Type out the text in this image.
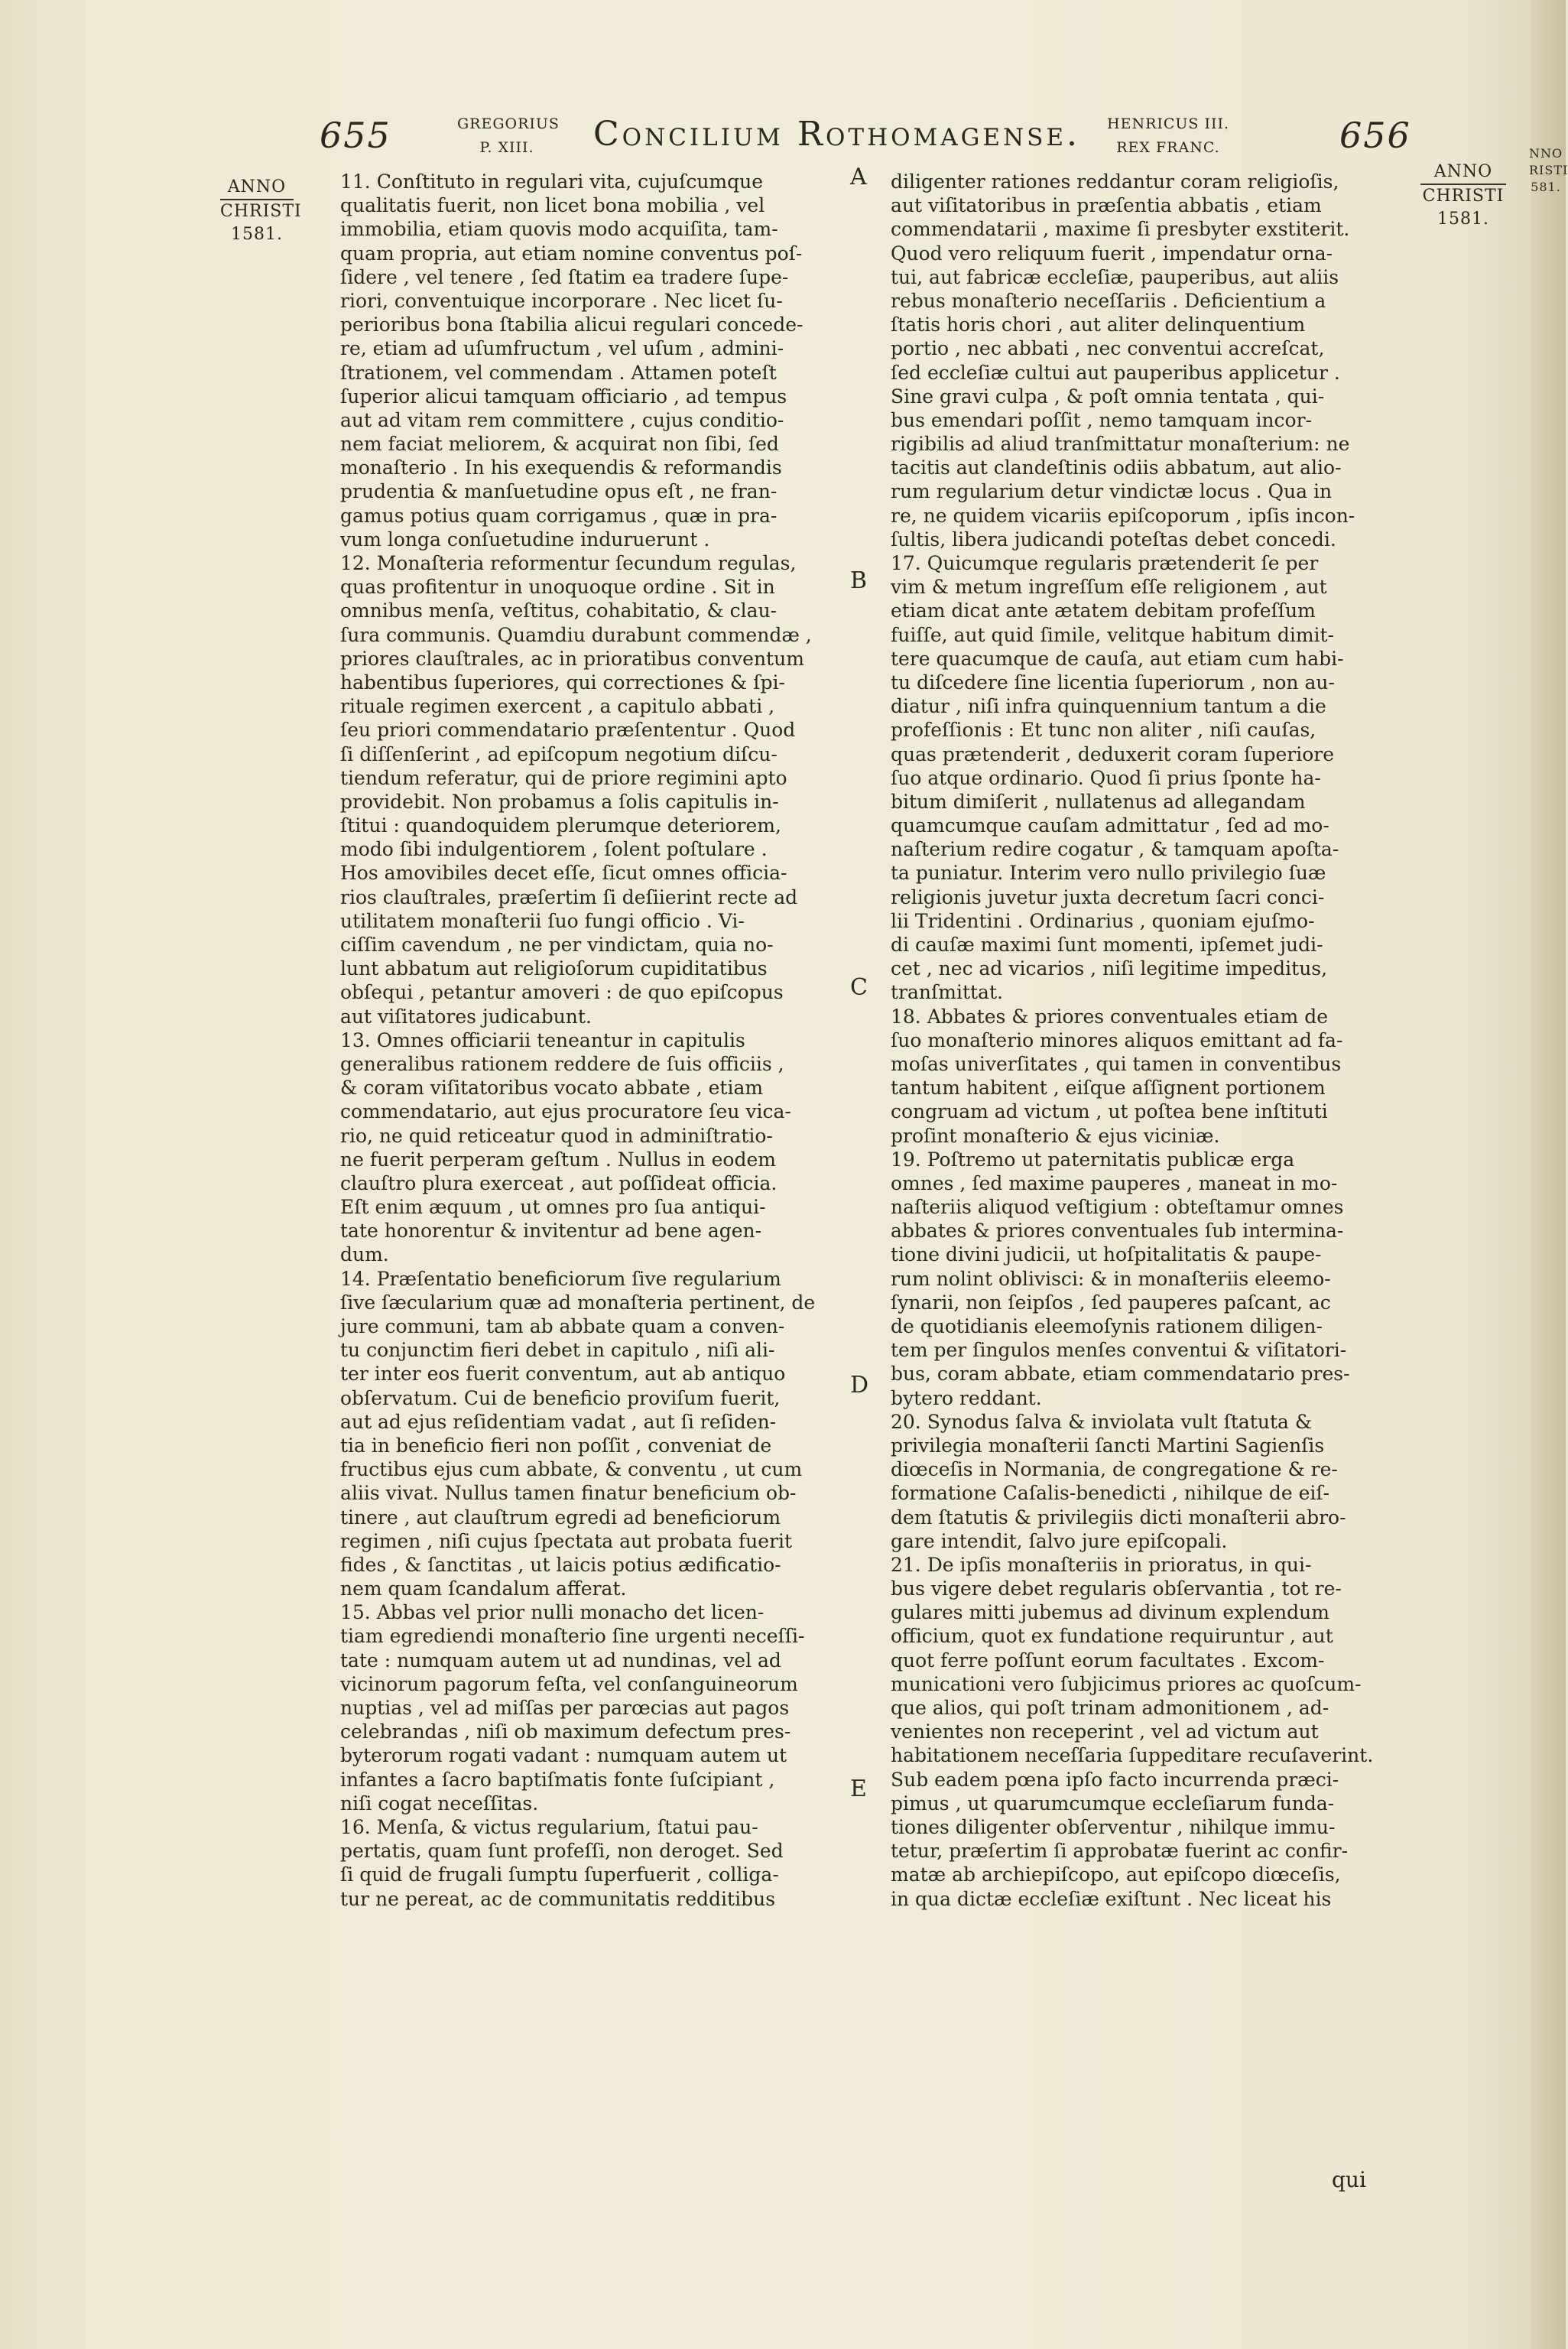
655	GREGORIUS
P. XIII.	Concilium Rothomagense. HENRICUS III.
REX FRANC.	656
ANNO
CHRISTI
1581.
ANNO
CHRISTI
1581.
NNO
RISTI
581.
A
B
C
D
E
11. Conſtituto in regulari vita, cujuſcumque
qualitatis fuerit, non licet bona mobilia , vel
immobilia, etiam quovis modo acquiſita, tam-
quam propria, aut etiam nomine conventus poſ-
ſidere , vel tenere , ſed ſtatim ea tradere ſupe-
riori, conventuique incorporare . Nec licet ſu-
perioribus bona ſtabilia alicui regulari concede-
re, etiam ad uſumfructum , vel uſum , admini-
ſtrationem, vel commendam . Attamen poteſt
ſuperior alicui tamquam officiario , ad tempus
aut ad vitam rem committere , cujus conditio-
nem faciat meliorem, & acquirat non ſibi, ſed
monaſterio . In his exequendis & reformandis
prudentia & manſuetudine opus eſt , ne fran-
gamus potius quam corrigamus , quæ in pra-
vum longa conſuetudine induruerunt .
12. Monaſteria reformentur ſecundum regulas,
quas profitentur in unoquoque ordine . Sit in
omnibus menſa, veſtitus, cohabitatio, & clau-
ſura communis. Quamdiu durabunt commendæ ,
priores clauſtrales, ac in prioratibus conventum
habentibus ſuperiores, qui correctiones & ſpi-
rituale regimen exercent , a capitulo abbati ,
ſeu priori commendatario præſententur . Quod
ſi diſſenſerint , ad epiſcopum negotium diſcu-
tiendum referatur, qui de priore regimini apto
providebit. Non probamus a ſolis capitulis in-
ſtitui : quandoquidem plerumque deteriorem,
modo ſibi indulgentiorem , ſolent poſtulare .
Hos amovibiles decet eſſe, ſicut omnes officia-
rios clauſtrales, præſertim ſi deſiierint recte ad
utilitatem monaſterii ſuo fungi officio . Vi-
ciſſim cavendum , ne per vindictam, quia no-
lunt abbatum aut religioſorum cupiditatibus
obſequi , petantur amoveri : de quo epiſcopus
aut viſitatores judicabunt.
13. Omnes officiarii teneantur in capitulis
generalibus rationem reddere de ſuis officiis ,
& coram viſitatoribus vocato abbate , etiam
commendatario, aut ejus procuratore ſeu vica-
rio, ne quid reticeatur quod in adminiſtratio-
ne fuerit perperam geſtum . Nullus in eodem
clauſtro plura exerceat , aut poſſideat officia.
Eſt enim æquum , ut omnes pro ſua antiqui-
tate honorentur & invitentur ad bene agen-
dum.
14. Præſentatio beneficiorum ſive regularium
ſive ſæcularium quæ ad monaſteria pertinent, de
jure communi, tam ab abbate quam a conven-
tu conjunctim fieri debet in capitulo , niſi ali-
ter inter eos fuerit conventum, aut ab antiquo
obſervatum. Cui de beneficio proviſum fuerit,
aut ad ejus reſidentiam vadat , aut ſi reſiden-
tia in beneficio fieri non poſſit , conveniat de
fructibus ejus cum abbate, & conventu , ut cum
aliis vivat. Nullus tamen finatur beneficium ob-
tinere , aut clauſtrum egredi ad beneficiorum
regimen , niſi cujus ſpectata aut probata fuerit
fides , & ſanctitas , ut laicis potius ædificatio-
nem quam ſcandalum afferat.
15. Abbas vel prior nulli monacho det licen-
tiam egrediendi monaſterio ſine urgenti neceſſi-
tate : numquam autem ut ad nundinas, vel ad
vicinorum pagorum feſta, vel conſanguineorum
nuptias , vel ad miſſas per parœcias aut pagos
celebrandas , niſi ob maximum defectum pres-
byterorum rogati vadant : numquam autem ut
infantes a ſacro baptiſmatis fonte ſuſcipiant ,
niſi cogat neceſſitas.
16. Menſa, & victus regularium, ſtatui pau-
pertatis, quam ſunt profeſſi, non deroget. Sed
ſi quid de frugali ſumptu ſuperfuerit , colliga-
tur ne pereat, ac de communitatis redditibus
diligenter rationes reddantur coram religioſis,
aut viſitatoribus in præſentia abbatis , etiam
commendatarii , maxime ſi presbyter exstiterit.
Quod vero reliquum fuerit , impendatur orna-
tui, aut fabricæ eccleſiæ, pauperibus, aut aliis
rebus monaſterio neceſſariis . Deficientium a
ſtatis horis chori , aut aliter delinquentium
portio , nec abbati , nec conventui accreſcat,
ſed eccleſiæ cultui aut pauperibus applicetur .
Sine gravi culpa , & poſt omnia tentata , qui-
bus emendari poſſit , nemo tamquam incor-
rigibilis ad aliud tranſmittatur monaſterium: ne
tacitis aut clandeſtinis odiis abbatum, aut alio-
rum regularium detur vindictæ locus . Qua in
re, ne quidem vicariis epiſcoporum , ipſis incon-
ſultis, libera judicandi poteſtas debet concedi.
17. Quicumque regularis prætenderit ſe per
vim & metum ingreſſum eſſe religionem , aut
etiam dicat ante ætatem debitam profeſſum
fuiſſe, aut quid ſimile, velitque habitum dimit-
tere quacumque de cauſa, aut etiam cum habi-
tu diſcedere ſine licentia ſuperiorum , non au-
diatur , niſi infra quinquennium tantum a die
profeſſionis : Et tunc non aliter , niſi cauſas,
quas prætenderit , deduxerit coram ſuperiore
ſuo atque ordinario. Quod ſi prius ſponte ha-
bitum dimiſerit , nullatenus ad allegandam
quamcumque cauſam admittatur , ſed ad mo-
naſterium redire cogatur , & tamquam apoſta-
ta puniatur. Interim vero nullo privilegio ſuæ
religionis juvetur juxta decretum ſacri conci-
lii Tridentini . Ordinarius , quoniam ejuſmo-
di cauſæ maximi ſunt momenti, ipſemet judi-
cet , nec ad vicarios , niſi legitime impeditus,
tranſmittat.
18. Abbates & priores conventuales etiam de
ſuo monaſterio minores aliquos emittant ad fa-
moſas univerſitates , qui tamen in conventibus
tantum habitent , eiſque aſſignent portionem
congruam ad victum , ut poſtea bene inſtituti
proſint monaſterio & ejus viciniæ.
19. Poſtremo ut paternitatis publicæ erga
omnes , ſed maxime pauperes , maneat in mo-
naſteriis aliquod veſtigium : obteſtamur omnes
abbates & priores conventuales ſub intermina-
tione divini judicii, ut hoſpitalitatis & paupe-
rum nolint oblivisci: & in monaſteriis eleemo-
ſynarii, non ſeipſos , ſed pauperes paſcant, ac
de quotidianis eleemoſynis rationem diligen-
tem per ſingulos menſes conventui & viſitatori-
bus, coram abbate, etiam commendatario pres-
bytero reddant.
20. Synodus ſalva & inviolata vult ſtatuta &
privilegia monaſterii ſancti Martini Sagienſis
diœceſis in Normania, de congregatione & re-
formatione Caſalis-benedicti , nihilque de eiſ-
dem ſtatutis & privilegiis dicti monaſterii abro-
gare intendit, ſalvo jure epiſcopali.
21. De ipſis monaſteriis in prioratus, in qui-
bus vigere debet regularis obſervantia , tot re-
gulares mitti jubemus ad divinum explendum
officium, quot ex fundatione requiruntur , aut
quot ferre poſſunt eorum facultates . Excom-
municationi vero ſubjicimus priores ac quoſcum-
que alios, qui poſt trinam admonitionem , ad-
venientes non receperint , vel ad victum aut
habitationem neceſſaria ſuppeditare recuſaverint.
Sub eadem pœna ipſo facto incurrenda præci-
pimus , ut quarumcumque eccleſiarum funda-
tiones diligenter obſerventur , nihilque immu-
tetur, præſertim ſi approbatæ fuerint ac confir-
matæ ab archiepiſcopo, aut epiſcopo diœceſis,
in qua dictæ eccleſiæ exiſtunt . Nec liceat his
qui
